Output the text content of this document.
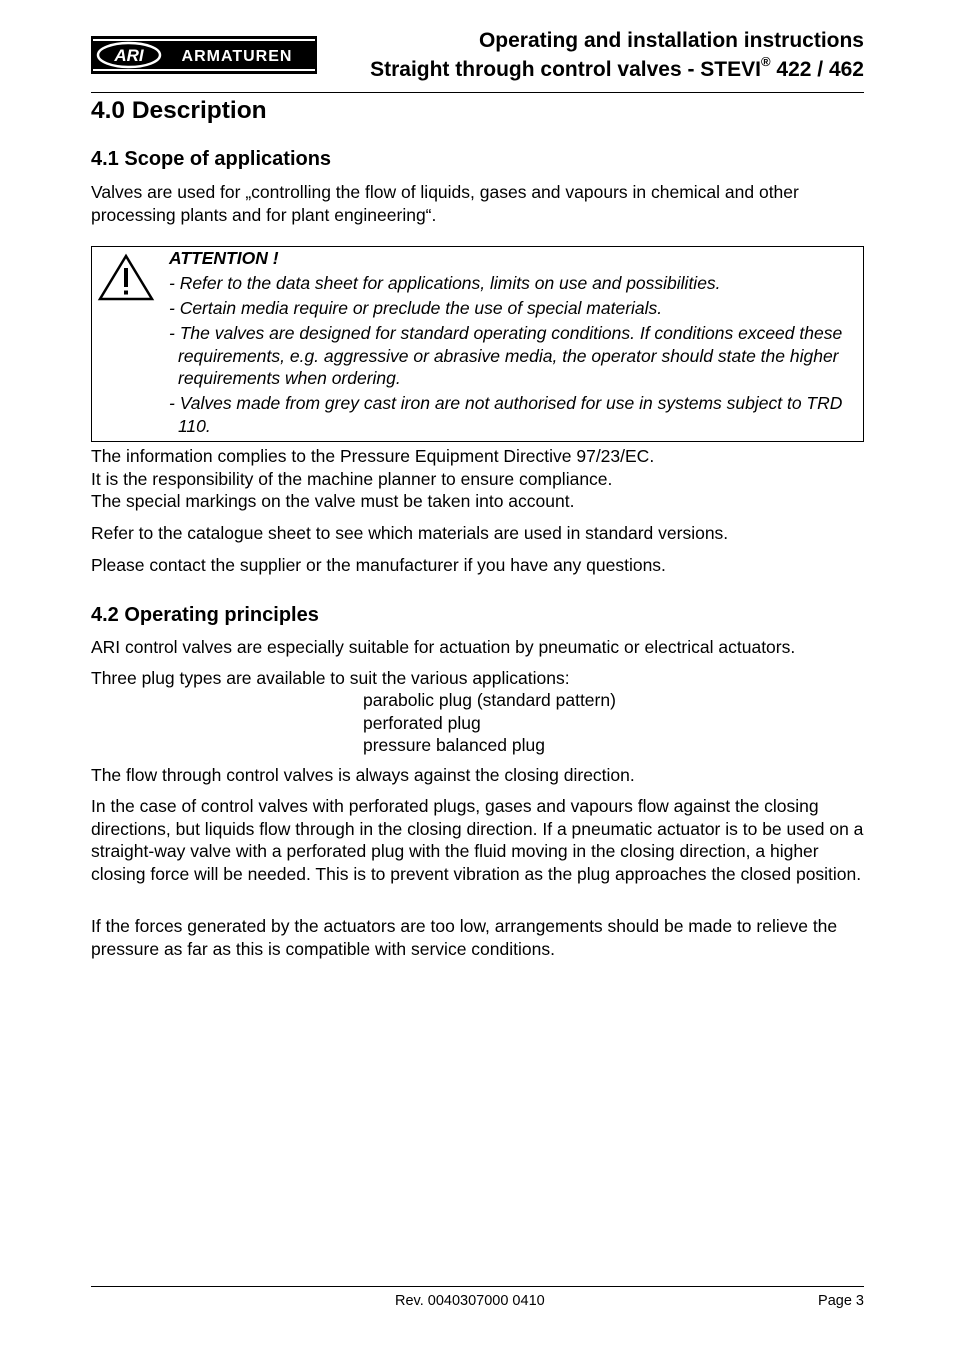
ARI ARMATUREN
Operating and installation instructions
Straight through control valves - STEVI® 422 / 462
4.0 Description
4.1 Scope of applications

Valves are used for „controlling the flow of liquids, gases and vapours in chemical and other processing plants and for plant engineering“.

ATTENTION !
- Refer to the data sheet for applications, limits on use and possibilities.
- Certain media require or preclude the use of special materials.
- The valves are designed for standard operating conditions. If conditions exceed these requirements, e.g. aggressive or abrasive media, the operator should state the higher requirements when ordering.
- Valves made from grey cast iron are not authorised for use in systems subject to TRD 110.

The information complies to the Pressure Equipment Directive 97/23/EC.

It is the responsibility of the machine planner to ensure compliance.

The special markings on the valve must be taken into account.

Refer to the catalogue sheet to see which materials are used in standard versions.

Please contact the supplier or the manufacturer if you have any questions.

4.2 Operating principles

ARI control valves are especially suitable for actuation by pneumatic or electrical actuators.

Three plug types are available to suit the various applications:

parabolic plug (standard pattern)
perforated plug
pressure balanced plug

The flow through control valves is always against the closing direction.

In the case of control valves with perforated plugs, gases and vapours flow against the closing directions, but liquids flow through in the closing direction. If a pneumatic actuator is to be used on a straight-way valve with a perforated plug with the fluid moving in the closing direction, a higher closing force will be needed. This is to prevent vibration as the plug approaches the closed position.

If the forces generated by the actuators are too low, arrangements should be made to relieve the pressure as far as this is compatible with service conditions.

Rev. 0040307000 0410	Page 3
